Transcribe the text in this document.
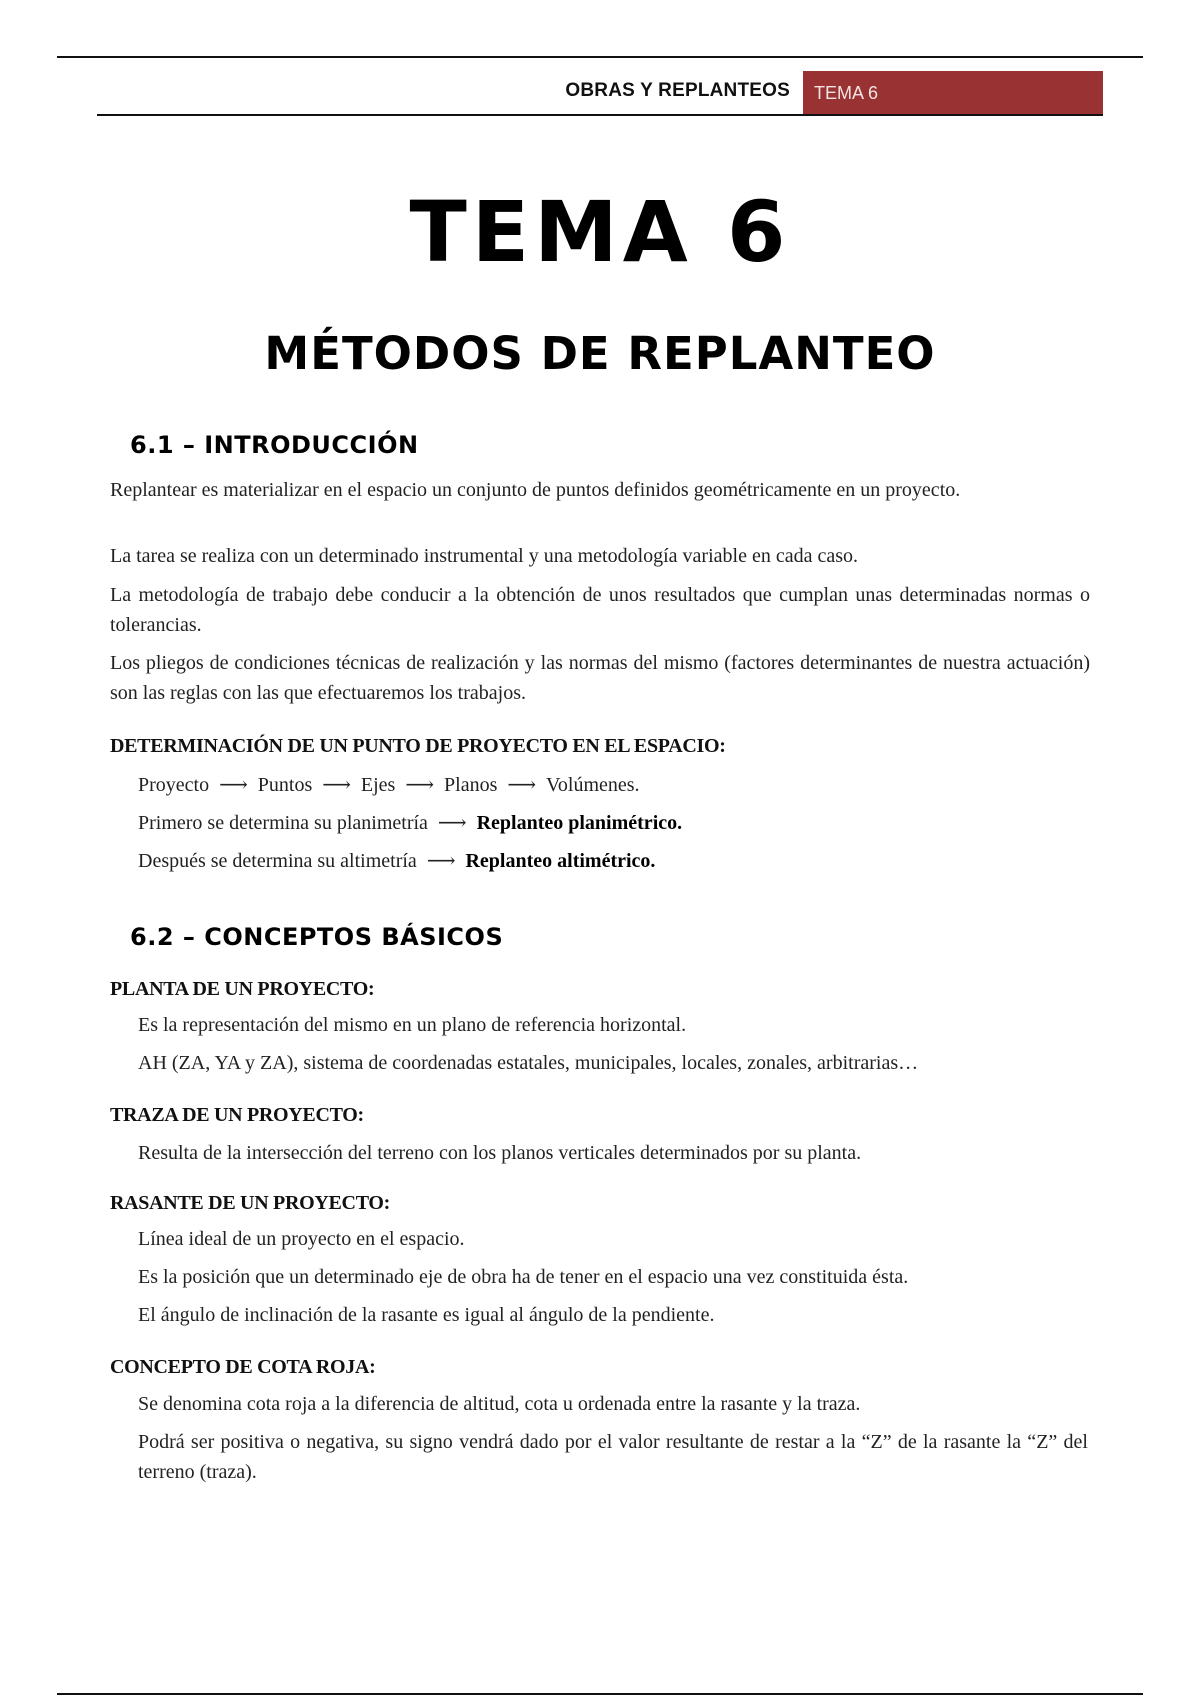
OBRAS Y REPLANTEOS	TEMA 6
TEMA 6
MÉTODOS DE REPLANTEO
6.1 – INTRODUCCIÓN
Replantear es materializar en el espacio un conjunto de puntos definidos geométricamente en un proyecto.
La tarea se realiza con un determinado instrumental y una metodología variable en cada caso.
La metodología de trabajo debe conducir a la obtención de unos resultados que cumplan unas determinadas normas o tolerancias.
Los pliegos de condiciones técnicas de realización y las normas del mismo (factores determinantes de nuestra actuación) son las reglas con las que efectuaremos los trabajos.
DETERMINACIÓN DE UN PUNTO DE PROYECTO EN EL ESPACIO:
Proyecto ⟶ Puntos ⟶ Ejes ⟶ Planos ⟶ Volúmenes.
Primero se determina su planimetría ⟶ Replanteo planimétrico.
Después se determina su altimetría ⟶ Replanteo altimétrico.
6.2 – CONCEPTOS BÁSICOS
PLANTA DE UN PROYECTO:
Es la representación del mismo en un plano de referencia horizontal.
AH (ZA, YA y ZA), sistema de coordenadas estatales, municipales, locales, zonales, arbitrarias…
TRAZA DE UN PROYECTO:
Resulta de la intersección del terreno con los planos verticales determinados por su planta.
RASANTE DE UN PROYECTO:
Línea ideal de un proyecto en el espacio.
Es la posición que un determinado eje de obra ha de tener en el espacio una vez constituida ésta.
El ángulo de inclinación de la rasante es igual al ángulo de la pendiente.
CONCEPTO DE COTA ROJA:
Se denomina cota roja a la diferencia de altitud, cota u ordenada entre la rasante y la traza.
Podrá ser positiva o negativa, su signo vendrá dado por el valor resultante de restar a la “Z” de la rasante la “Z” del terreno (traza).
